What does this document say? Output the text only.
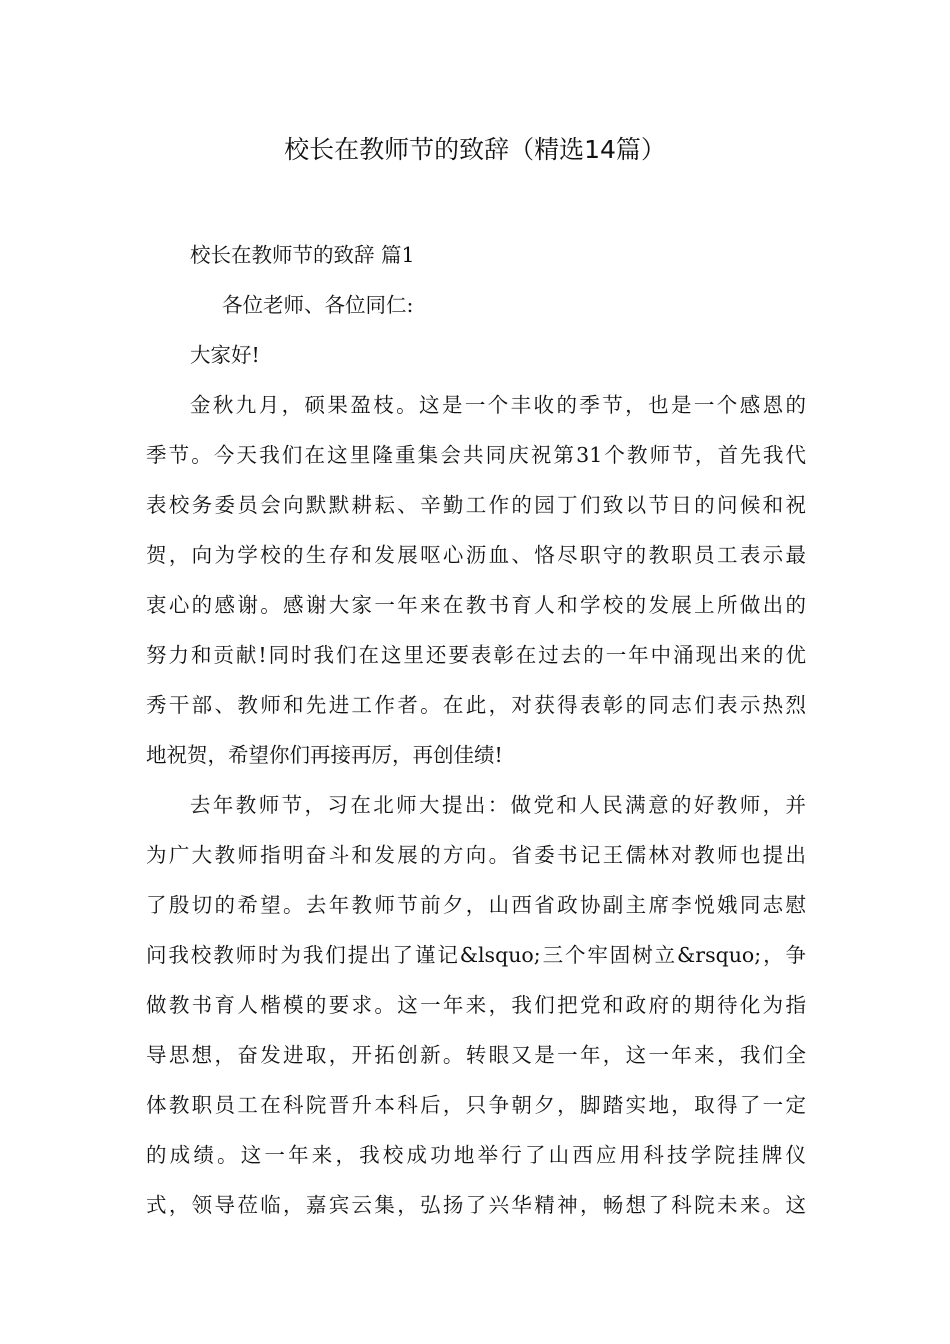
校长在教师节的致辞（精选14篇）
校长在教师节的致辞 篇1
各位老师、各位同仁:
大家好!
金秋九月，硕果盈枝。这是一个丰收的季节，也是一个感恩的
季节。今天我们在这里隆重集会共同庆祝第31个教师节，首先我代
表校务委员会向默默耕耘、辛勤工作的园丁们致以节日的问候和祝
贺，向为学校的生存和发展呕心沥血、恪尽职守的教职员工表示最
衷心的感谢。感谢大家一年来在教书育人和学校的发展上所做出的
努力和贡献!同时我们在这里还要表彰在过去的一年中涌现出来的优
秀干部、教师和先进工作者。在此，对获得表彰的同志们表示热烈
地祝贺，希望你们再接再厉，再创佳绩!
去年教师节，习在北师大提出：做党和人民满意的好教师，并
为广大教师指明奋斗和发展的方向。省委书记王儒林对教师也提出
了殷切的希望。去年教师节前夕，山西省政协副主席李悦娥同志慰
问我校教师时为我们提出了谨记&lsquo;三个牢固树立&rsquo;，争
做教书育人楷模的要求。这一年来，我们把党和政府的期待化为指
导思想，奋发进取，开拓创新。转眼又是一年，这一年来，我们全
体教职员工在科院晋升本科后，只争朝夕，脚踏实地，取得了一定
的成绩。这一年来，我校成功地举行了山西应用科技学院挂牌仪
式，领导莅临，嘉宾云集，弘扬了兴华精神，畅想了科院未来。这
